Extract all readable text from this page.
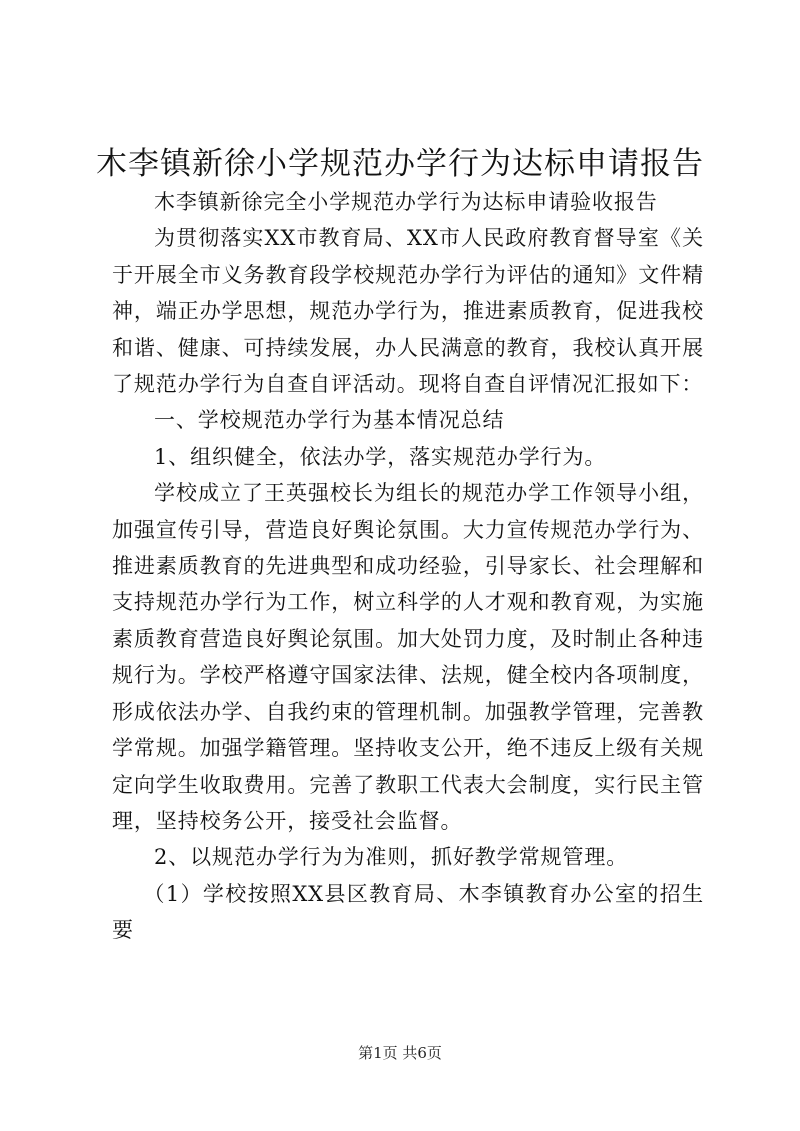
木李镇新徐小学规范办学行为达标申请报告

木李镇新徐完全小学规范办学行为达标申请验收报告

为贯彻落实XX市教育局、XX市人民政府教育督导室《关于开展全市义务教育段学校规范办学行为评估的通知》文件精神，端正办学思想，规范办学行为，推进素质教育，促进我校和谐、健康、可持续发展，办人民满意的教育，我校认真开展了规范办学行为自查自评活动。现将自查自评情况汇报如下：

一、学校规范办学行为基本情况总结

1、组织健全，依法办学，落实规范办学行为。

学校成立了王英强校长为组长的规范办学工作领导小组，加强宣传引导，营造良好舆论氛围。大力宣传规范办学行为、推进素质教育的先进典型和成功经验，引导家长、社会理解和支持规范办学行为工作，树立科学的人才观和教育观，为实施素质教育营造良好舆论氛围。加大处罚力度，及时制止各种违规行为。学校严格遵守国家法律、法规，健全校内各项制度，形成依法办学、自我约束的管理机制。加强教学管理，完善教学常规。加强学籍管理。坚持收支公开，绝不违反上级有关规定向学生收取费用。完善了教职工代表大会制度，实行民主管理，坚持校务公开，接受社会监督。

2、以规范办学行为为准则，抓好教学常规管理。

（1）学校按照XX县区教育局、木李镇教育办公室的招生要

第1页 共6页
